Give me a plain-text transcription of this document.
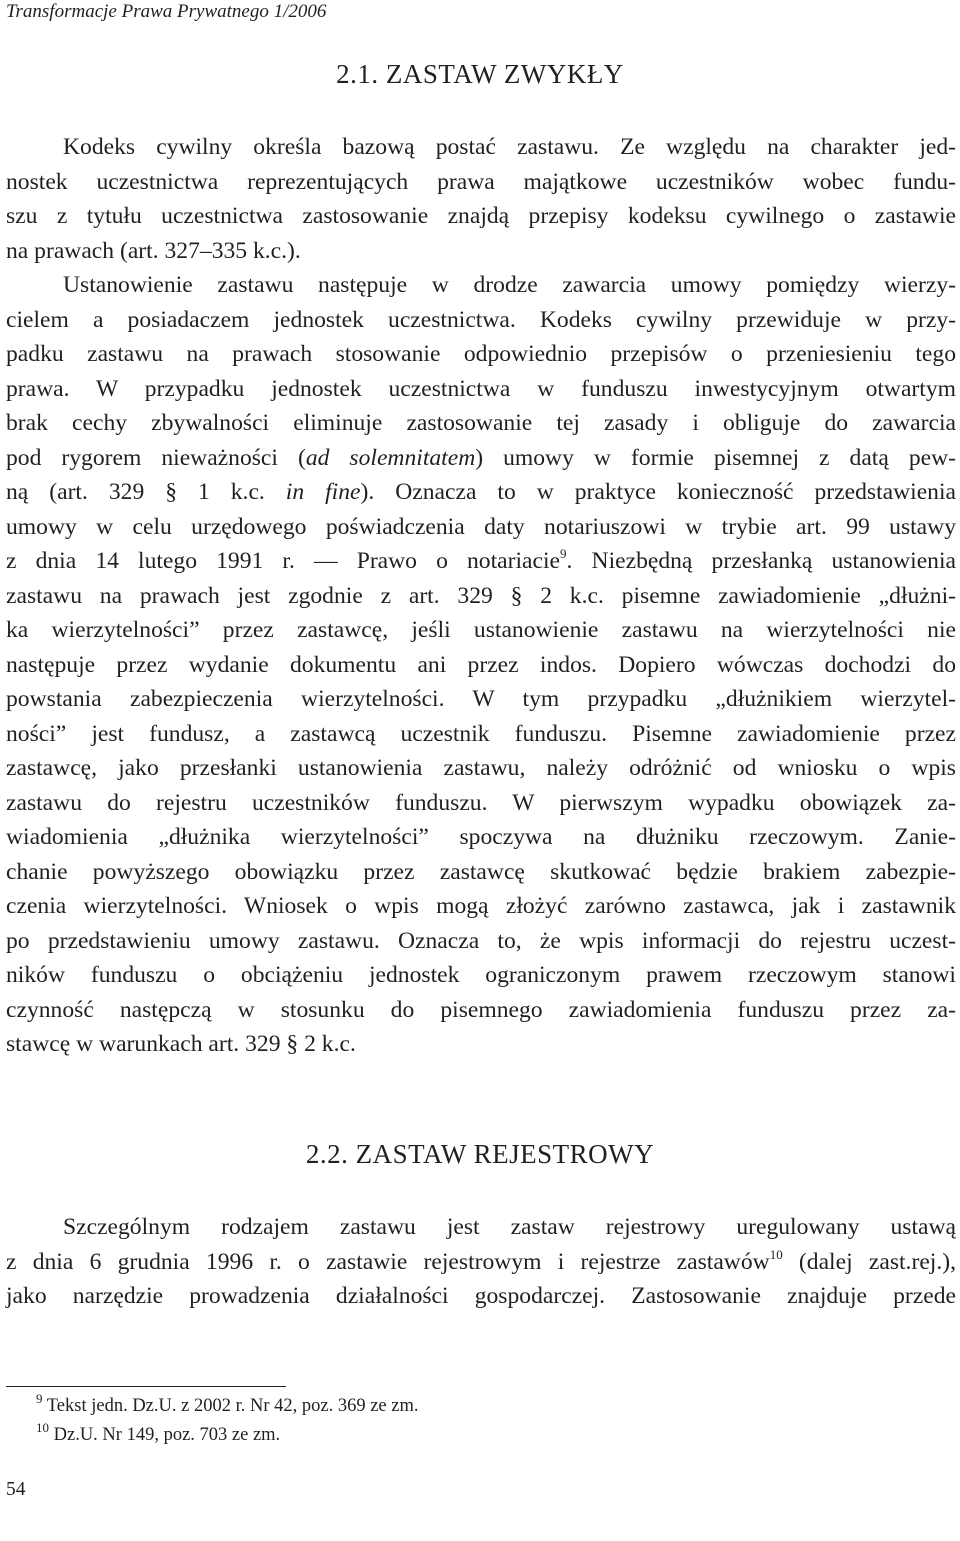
Transformacje Prawa Prywatnego 1/2006
2.1. ZASTAW ZWYKŁY
Kodeks cywilny określa bazową postać zastawu. Ze względu na charakter jed-
nostek uczestnictwa reprezentujących prawa majątkowe uczestników wobec fundu-
szu z tytułu uczestnictwa zastosowanie znajdą przepisy kodeksu cywilnego o zastawie
na prawach (art. 327–335 k.c.).
Ustanowienie zastawu następuje w drodze zawarcia umowy pomiędzy wierzy-
cielem a posiadaczem jednostek uczestnictwa. Kodeks cywilny przewiduje w przy-
padku zastawu na prawach stosowanie odpowiednio przepisów o przeniesieniu tego
prawa. W przypadku jednostek uczestnictwa w funduszu inwestycyjnym otwartym
brak cechy zbywalności eliminuje zastosowanie tej zasady i obliguje do zawarcia
pod rygorem nieważności (ad solemnitatem) umowy w formie pisemnej z datą pew-
ną (art. 329 § 1 k.c. in fine). Oznacza to w praktyce konieczność przedstawienia
umowy w celu urzędowego poświadczenia daty notariuszowi w trybie art. 99 ustawy
z dnia 14 lutego 1991 r. — Prawo o notariacie$^9$. Niezbędną przesłanką ustanowienia
zastawu na prawach jest zgodnie z art. 329 § 2 k.c. pisemne zawiadomienie „dłużni-
ka wierzytelności” przez zastawcę, jeśli ustanowienie zastawu na wierzytelności nie
następuje przez wydanie dokumentu ani przez indos. Dopiero wówczas dochodzi do
powstania zabezpieczenia wierzytelności. W tym przypadku „dłużnikiem wierzytel-
ności” jest fundusz, a zastawcą uczestnik funduszu. Pisemne zawiadomienie przez
zastawcę, jako przesłanki ustanowienia zastawu, należy odróżnić od wniosku o wpis
zastawu do rejestru uczestników funduszu. W pierwszym wypadku obowiązek za-
wiadomienia „dłużnika wierzytelności” spoczywa na dłużniku rzeczowym. Zanie-
chanie powyższego obowiązku przez zastawcę skutkować będzie brakiem zabezpie-
czenia wierzytelności. Wniosek o wpis mogą złożyć zarówno zastawca, jak i zastawnik
po przedstawieniu umowy zastawu. Oznacza to, że wpis informacji do rejestru uczest-
ników funduszu o obciążeniu jednostek ograniczonym prawem rzeczowym stanowi
czynność następczą w stosunku do pisemnego zawiadomienia funduszu przez za-
stawcę w warunkach art. 329 § 2 k.c.
2.2. ZASTAW REJESTROWY
Szczególnym rodzajem zastawu jest zastaw rejestrowy uregulowany ustawą
z dnia 6 grudnia 1996 r. o zastawie rejestrowym i rejestrze zastawów$^{10}$ (dalej zast.rej.),
jako narzędzie prowadzenia działalności gospodarczej. Zastosowanie znajduje przede
$^9$ Tekst jedn. Dz.U. z 2002 r. Nr 42, poz. 369 ze zm.
$^{10}$ Dz.U. Nr 149, poz. 703 ze zm.
54
